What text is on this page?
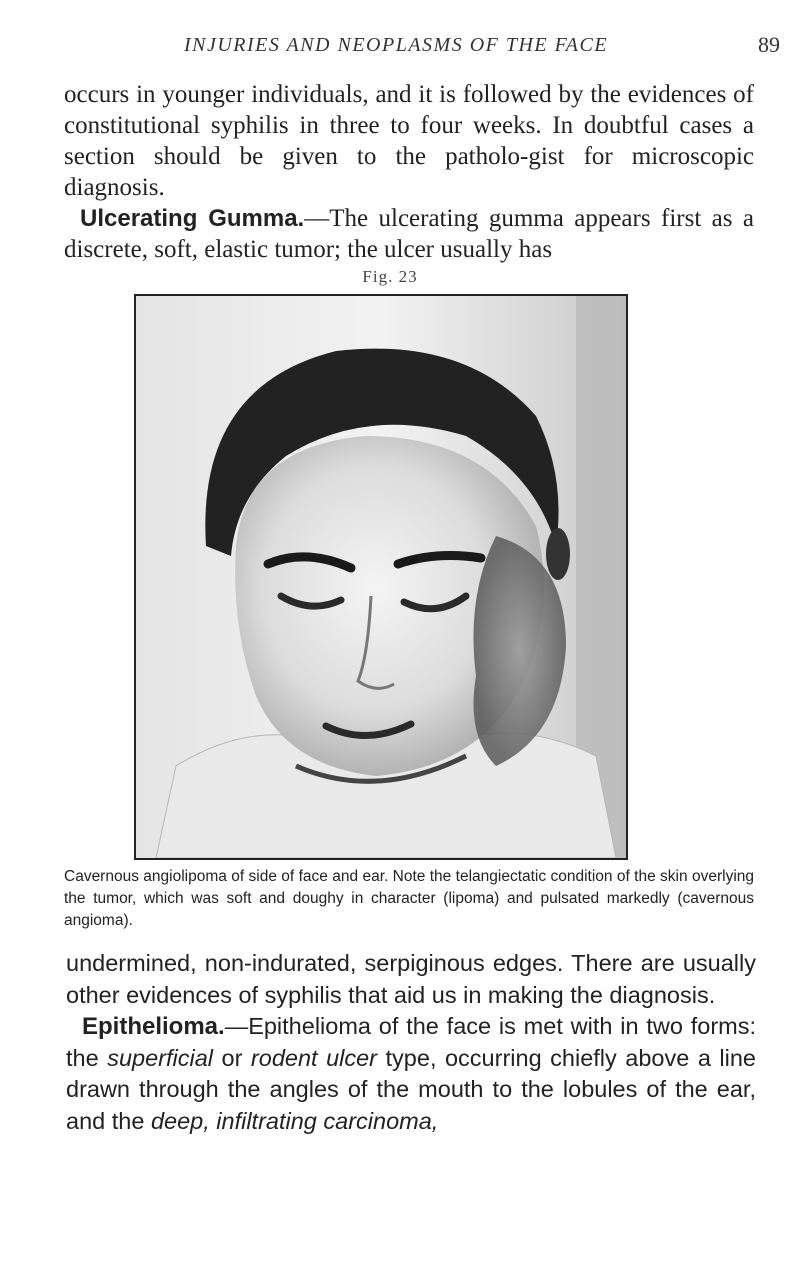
INJURIES AND NEOPLASMS OF THE FACE	89
occurs in younger individuals, and it is followed by the evidences of constitutional syphilis in three to four weeks. In doubtful cases a section should be given to the patholo-gist for microscopic diagnosis.
Ulcerating Gumma.—The ulcerating gumma appears first as a discrete, soft, elastic tumor; the ulcer usually has
Fig. 23
Cavernous angiolipoma of side of face and ear. Note the telangiectatic condition of the skin overlying the tumor, which was soft and doughy in character (lipoma) and pulsated markedly (cavernous angioma).
undermined, non-indurated, serpiginous edges. There are usually other evidences of syphilis that aid us in making the diagnosis.
Epithelioma.—Epithelioma of the face is met with in two forms: the superficial or rodent ulcer type, occurring chiefly above a line drawn through the angles of the mouth to the lobules of the ear, and the deep, infiltrating carcinoma,
